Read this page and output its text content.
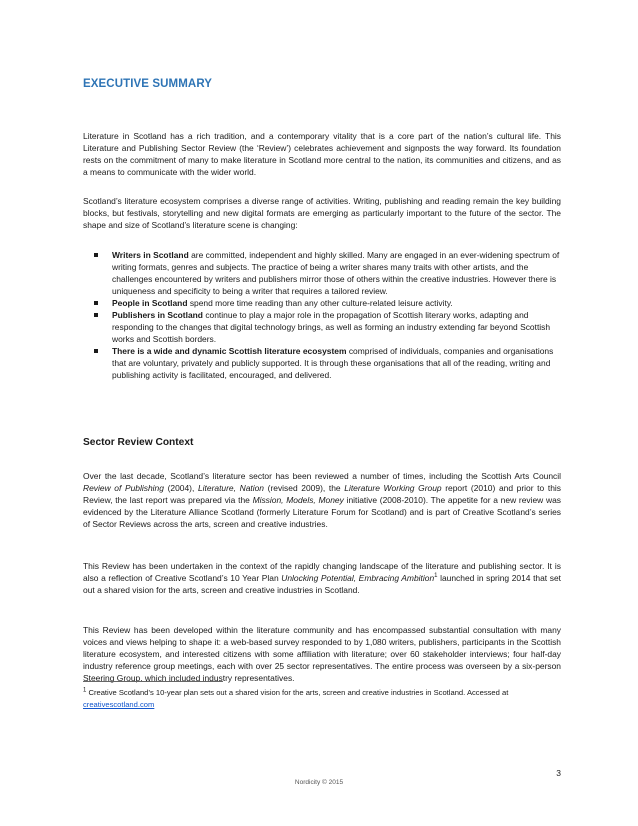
EXECUTIVE SUMMARY

Literature in Scotland has a rich tradition, and a contemporary vitality that is a core part of the nation’s cultural life. This Literature and Publishing Sector Review (the ‘Review’) celebrates achievement and signposts the way forward. Its foundation rests on the commitment of many to make literature in Scotland more central to the nation, its communities and citizens, and as a means to communicate with the wider world.

Scotland’s literature ecosystem comprises a diverse range of activities. Writing, publishing and reading remain the key building blocks, but festivals, storytelling and new digital formats are emerging as particularly important to the future of the sector. The shape and size of Scotland’s literature scene is changing:

Writers in Scotland are committed, independent and highly skilled. Many are engaged in an ever-widening spectrum of writing formats, genres and subjects. The practice of being a writer shares many traits with other artists, and the challenges encountered by writers and publishers mirror those of others within the creative industries. However there is uniqueness and specificity to being a writer that requires a tailored review.
People in Scotland spend more time reading than any other culture-related leisure activity.
Publishers in Scotland continue to play a major role in the propagation of Scottish literary works, adapting and responding to the changes that digital technology brings, as well as forming an industry extending far beyond Scottish works and Scottish borders.
There is a wide and dynamic Scottish literature ecosystem comprised of individuals, companies and organisations that are voluntary, privately and publicly supported. It is through these organisations that all of the reading, writing and publishing activity is facilitated, encouraged, and delivered.
Sector Review Context

Over the last decade, Scotland’s literature sector has been reviewed a number of times, including the Scottish Arts Council Review of Publishing (2004), Literature, Nation (revised 2009), the Literature Working Group report (2010) and prior to this Review, the last report was prepared via the Mission, Models, Money initiative (2008-2010). The appetite for a new review was evidenced by the Literature Alliance Scotland (formerly Literature Forum for Scotland) and is part of Creative Scotland’s series of Sector Reviews across the arts, screen and creative industries.

This Review has been undertaken in the context of the rapidly changing landscape of the literature and publishing sector. It is also a reflection of Creative Scotland’s 10 Year Plan Unlocking Potential, Embracing Ambition$^1$ launched in spring 2014 that set out a shared vision for the arts, screen and creative industries in Scotland.

This Review has been developed within the literature community and has encompassed substantial consultation with many voices and views helping to shape it: a web-based survey responded to by 1,080 writers, publishers, participants in the Scottish literature ecosystem, and interested citizens with some affiliation with literature; over 60 stakeholder interviews; four half-day industry reference group meetings, each with over 25 sector representatives. The entire process was overseen by a six-person Steering Group, which included industry representatives.

$^1$ Creative Scotland’s 10-year plan sets out a shared vision for the arts, screen and creative industries in Scotland. Accessed at
creativescotland.com

3
Nordicity © 2015
